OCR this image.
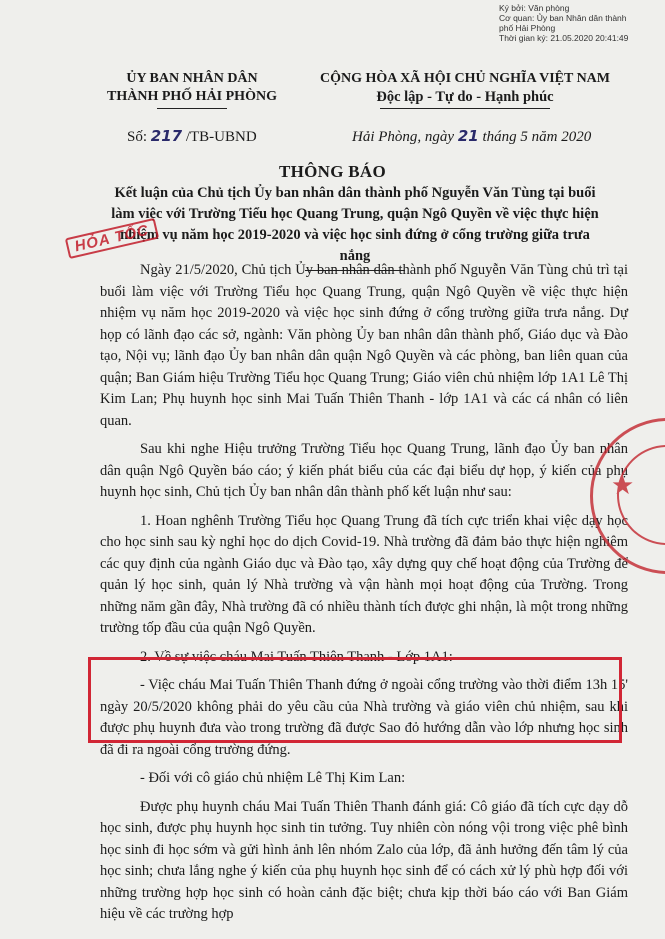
Ký bởi: Văn phòng
Cơ quan: Ủy ban Nhân dân thành
phố Hải Phòng
Thời gian ký: 21.05.2020 20:41:49
ỦY BAN NHÂN DÂN
THÀNH PHỐ HẢI PHÒNG
CỘNG HÒA XÃ HỘI CHỦ NGHĨA VIỆT NAM
Độc lập - Tự do - Hạnh phúc
Số: 217 /TB-UBND	Hải Phòng, ngày 21 tháng 5 năm 2020
THÔNG BÁO
Kết luận của Chủ tịch Ủy ban nhân dân thành phố Nguyễn Văn Tùng tại buổi làm việc với Trường Tiểu học Quang Trung, quận Ngô Quyền về việc thực hiện nhiệm vụ năm học 2019-2020 và việc học sinh đứng ở cổng trường giữa trưa nắng
HỎA TỐC

Ngày 21/5/2020, Chủ tịch Ủy ban nhân dân thành phố Nguyễn Văn Tùng chủ trì tại buổi làm việc với Trường Tiểu học Quang Trung, quận Ngô Quyền về việc thực hiện nhiệm vụ năm học 2019-2020 và việc học sinh đứng ở cổng trường giữa trưa nắng. Dự họp có lãnh đạo các sở, ngành: Văn phòng Ủy ban nhân dân thành phố, Giáo dục và Đào tạo, Nội vụ; lãnh đạo Ủy ban nhân dân quận Ngô Quyền và các phòng, ban liên quan của quận; Ban Giám hiệu Trường Tiểu học Quang Trung; Giáo viên chủ nhiệm lớp 1A1 Lê Thị Kim Lan; Phụ huynh học sinh Mai Tuấn Thiên Thanh - lớp 1A1 và các cá nhân có liên quan.

Sau khi nghe Hiệu trưởng Trường Tiểu học Quang Trung, lãnh đạo Ủy ban nhân dân quận Ngô Quyền báo cáo; ý kiến phát biểu của các đại biểu dự họp, ý kiến của phụ huynh học sinh, Chủ tịch Ủy ban nhân dân thành phố kết luận như sau:

1. Hoan nghênh Trường Tiểu học Quang Trung đã tích cực triển khai việc dạy học cho học sinh sau kỳ nghỉ học do dịch Covid-19. Nhà trường đã đảm bảo thực hiện nghiêm các quy định của ngành Giáo dục và Đào tạo, xây dựng quy chế hoạt động của Trường để quản lý học sinh, quản lý Nhà trường và vận hành mọi hoạt động của Trường. Trong những năm gần đây, Nhà trường đã có nhiều thành tích được ghi nhận, là một trong những trường tốp đầu của quận Ngô Quyền.

2. Về sự việc cháu Mai Tuấn Thiên Thanh - Lớp 1A1:

- Việc cháu Mai Tuấn Thiên Thanh đứng ở ngoài cổng trường vào thời điểm 13h 15' ngày 20/5/2020 không phải do yêu cầu của Nhà trường và giáo viên chủ nhiệm, sau khi được phụ huynh đưa vào trong trường đã được Sao đỏ hướng dẫn vào lớp nhưng học sinh đã đi ra ngoài cổng trường đứng.

- Đối với cô giáo chủ nhiệm Lê Thị Kim Lan:

Được phụ huynh cháu Mai Tuấn Thiên Thanh đánh giá: Cô giáo đã tích cực dạy dỗ học sinh, được phụ huynh học sinh tin tưởng. Tuy nhiên còn nóng vội trong việc phê bình học sinh đi học sớm và gửi hình ảnh lên nhóm Zalo của lớp, đã ảnh hưởng đến tâm lý của học sinh; chưa lắng nghe ý kiến của phụ huynh học sinh để có cách xử lý phù hợp đối với những trường hợp học sinh có hoàn cảnh đặc biệt; chưa kịp thời báo cáo với Ban Giám hiệu về các trường hợp

★
